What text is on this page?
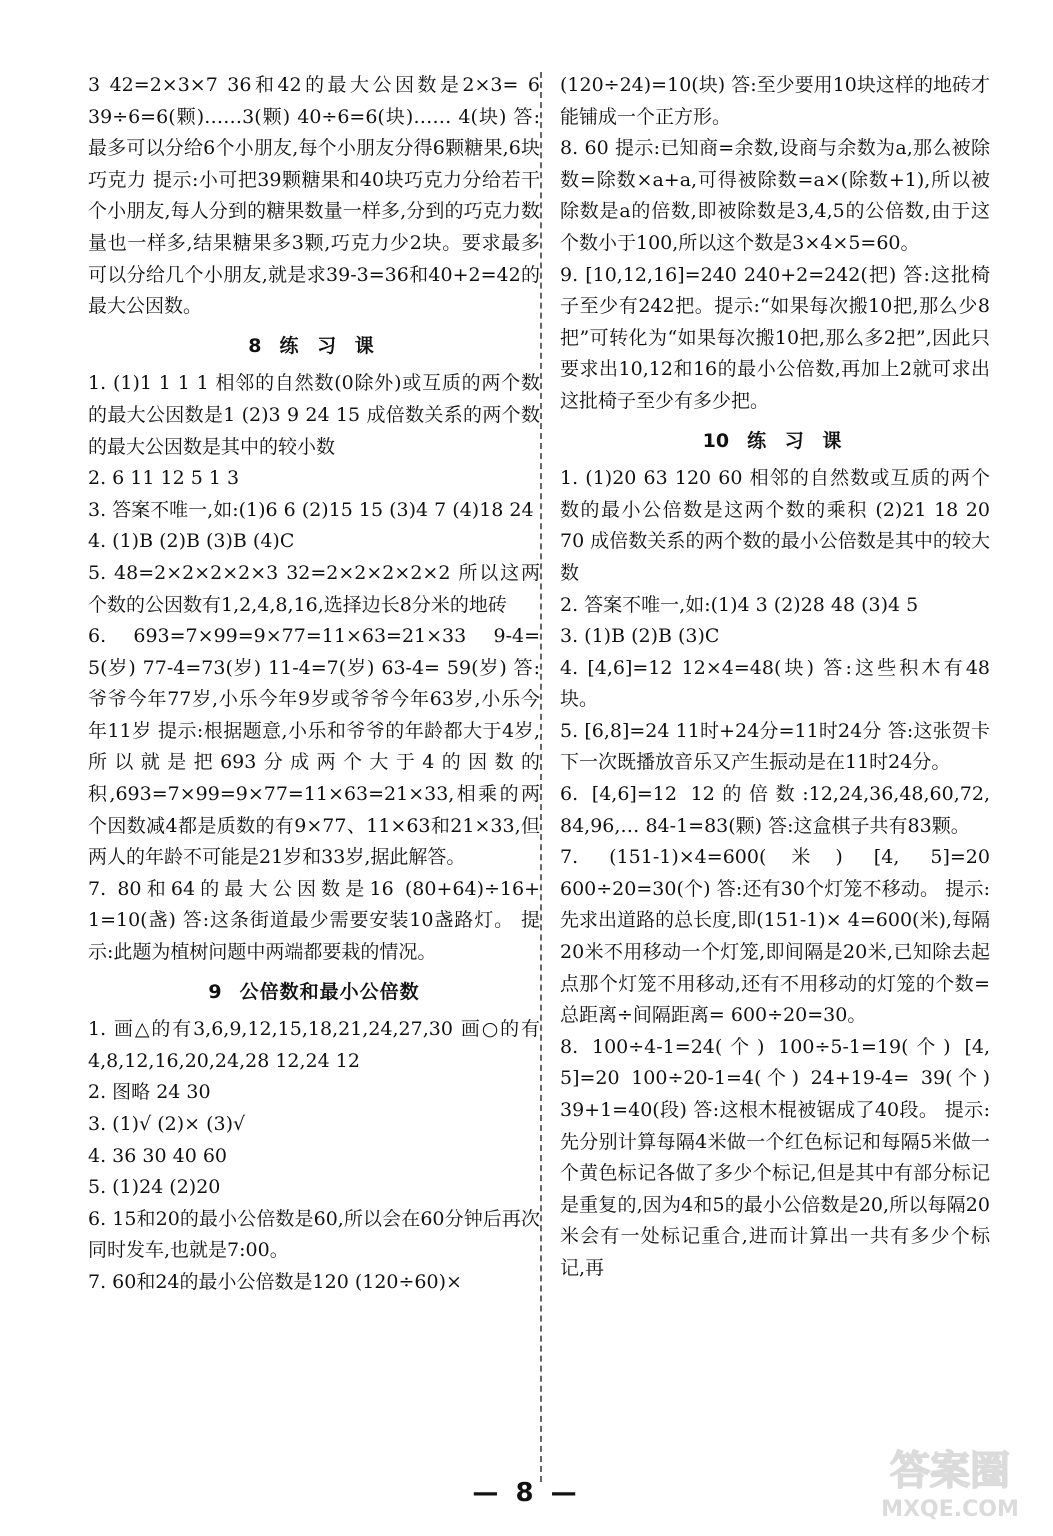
3 42=2×3×7 36和42的最大公因数是2×3= 6 39÷6=6(颗)……3(颗) 40÷6=6(块)…… 4(块) 答:最多可以分给6个小朋友,每个小朋友分得6颗糖果,6块巧克力 提示:小可把39颗糖果和40块巧克力分给若干个小朋友,每人分到的糖果数量一样多,分到的巧克力数量也一样多,结果糖果多3颗,巧克力少2块。要求最多可以分给几个小朋友,就是求39-3=36和40+2=42的最大公因数。

8 练 习 课

1. (1)1 1 1 1 相邻的自然数(0除外)或互质的两个数的最大公因数是1 (2)3 9 24 15 成倍数关系的两个数的最大公因数是其中的较小数

2. 6 11 12 5 1 3

3. 答案不唯一,如:(1)6 6 (2)15 15 (3)4 7 (4)18 24

4. (1)B (2)B (3)B (4)C

5. 48=2×2×2×2×3 32=2×2×2×2×2 所以这两个数的公因数有1,2,4,8,16,选择边长8分米的地砖

6. 693=7×99=9×77=11×63=21×33 9-4= 5(岁) 77-4=73(岁) 11-4=7(岁) 63-4= 59(岁) 答:爷爷今年77岁,小乐今年9岁或爷爷今年63岁,小乐今年11岁 提示:根据题意,小乐和爷爷的年龄都大于4岁,所以就是把693分成两个大于4的因数的积,693=7×99=9×77=11×63=21×33,相乘的两个因数减4都是质数的有9×77、11×63和21×33,但两人的年龄不可能是21岁和33岁,据此解答。

7. 80和64的最大公因数是16 (80+64)÷16+ 1=10(盏) 答:这条街道最少需要安装10盏路灯。 提示:此题为植树问题中两端都要栽的情况。

9 公倍数和最小公倍数

1. 画△的有3,6,9,12,15,18,21,24,27,30 画○的有4,8,12,16,20,24,28 12,24 12

2. 图略 24 30

3. (1)√ (2)× (3)√

4. 36 30 40 60

5. (1)24 (2)20

6. 15和20的最小公倍数是60,所以会在60分钟后再次同时发车,也就是7:00。

7. 60和24的最小公倍数是120 (120÷60)×

(120÷24)=10(块) 答:至少要用10块这样的地砖才能铺成一个正方形。

8. 60 提示:已知商=余数,设商与余数为a,那么被除数=除数×a+a,可得被除数=a×(除数+1),所以被除数是a的倍数,即被除数是3,4,5的公倍数,由于这个数小于100,所以这个数是3×4×5=60。

9. [10,12,16]=240 240+2=242(把) 答:这批椅子至少有242把。提示:“如果每次搬10把,那么少8把”可转化为“如果每次搬10把,那么多2把”,因此只要求出10,12和16的最小公倍数,再加上2就可求出这批椅子至少有多少把。

10 练 习 课

1. (1)20 63 120 60 相邻的自然数或互质的两个数的最小公倍数是这两个数的乘积 (2)21 18 20 70 成倍数关系的两个数的最小公倍数是其中的较大数

2. 答案不唯一,如:(1)4 3 (2)28 48 (3)4 5

3. (1)B (2)B (3)C

4. [4,6]=12 12×4=48(块) 答:这些积木有48块。

5. [6,8]=24 11时+24分=11时24分 答:这张贺卡下一次既播放音乐又产生振动是在11时24分。

6. [4,6]=12 12的倍数:12,24,36,48,60,72, 84,96,… 84-1=83(颗) 答:这盒棋子共有83颗。

7. (151-1)×4=600(米) [4, 5]=20 600÷20=30(个) 答:还有30个灯笼不移动。 提示:先求出道路的总长度,即(151-1)× 4=600(米),每隔20米不用移动一个灯笼,即间隔是20米,已知除去起点那个灯笼不用移动,还有不用移动的灯笼的个数=总距离÷间隔距离= 600÷20=30。

8. 100÷4-1=24(个) 100÷5-1=19(个) [4, 5]=20 100÷20-1=4(个) 24+19-4= 39(个) 39+1=40(段) 答:这根木棍被锯成了40段。 提示:先分别计算每隔4米做一个红色标记和每隔5米做一个黄色标记各做了多少个标记,但是其中有部分标记是重复的,因为4和5的最小公倍数是20,所以每隔20米会有一处标记重合,进而计算出一共有多少个标记,再

— 8 —	答案圈
MXQE.COM
